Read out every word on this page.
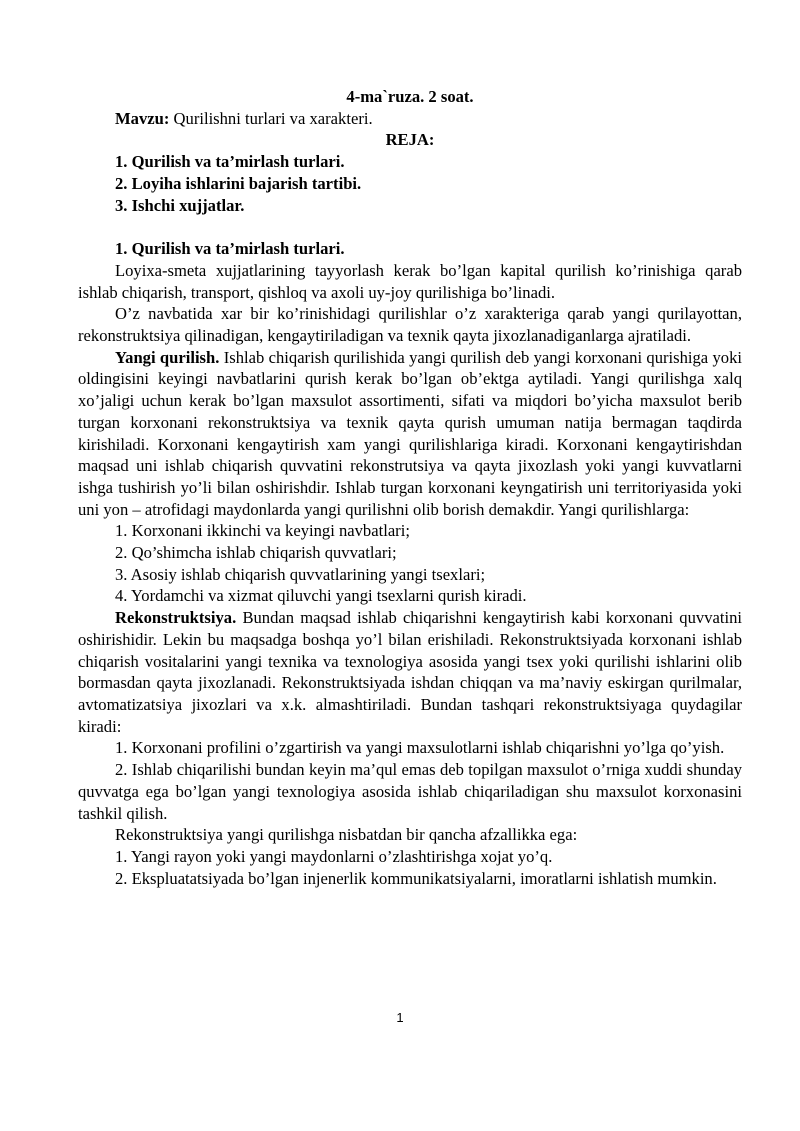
4-ma`ruza. 2 soat.

Mavzu: Qurilishni turlari va xarakteri.

REJA:

1. Qurilish va ta’mirlash turlari.

2. Loyiha ishlarini bajarish tartibi.

3. Ishchi xujjatlar.

1. Qurilish va ta’mirlash turlari.

Loyixa-smeta xujjatlarining tayyorlash kerak bo’lgan kapital qurilish ko’rinishiga qarab ishlab chiqarish, transport, qishloq va axoli uy-joy qurilishiga bo’linadi.

O’z navbatida xar bir ko’rinishidagi qurilishlar o’z xarakteriga qarab yangi qurilayottan, rekonstruktsiya qilinadigan, kengaytiriladigan va texnik qayta jixozlanadiganlarga ajratiladi.

Yangi qurilish. Ishlab chiqarish qurilishida yangi qurilish deb yangi korxonani qurishiga yoki oldingisini keyingi navbatlarini qurish kerak bo’lgan ob’ektga aytiladi. Yangi qurilishga xalq xo’jaligi uchun kerak bo’lgan maxsulot assortimenti, sifati va miqdori bo’yicha maxsulot berib turgan korxonani rekonstruktsiya va texnik qayta qurish umuman natija bermagan taqdirda kirishiladi. Korxonani kengaytirish xam yangi qurilishlariga kiradi. Korxonani kengaytirishdan maqsad uni ishlab chiqarish quvvatini rekonstrutsiya va qayta jixozlash yoki yangi kuvvatlarni ishga tushirish yo’li bilan oshirishdir. Ishlab turgan korxonani keyngatirish uni territoriyasida yoki uni yon – atrofidagi maydonlarda yangi qurilishni olib borish demakdir. Yangi qurilishlarga:

1. Korxonani ikkinchi va keyingi navbatlari;

2. Qo’shimcha ishlab chiqarish quvvatlari;

3. Asosiy ishlab chiqarish quvvatlarining yangi tsexlari;

4. Yordamchi va xizmat qiluvchi yangi tsexlarni qurish kiradi.

Rekonstruktsiya. Bundan maqsad ishlab chiqarishni kengaytirish kabi korxonani quvvatini oshirishidir. Lekin bu maqsadga boshqa yo’l bilan erishiladi. Rekonstruktsiyada korxonani ishlab chiqarish vositalarini yangi texnika va texnologiya asosida yangi tsex yoki qurilishi ishlarini olib bormasdan qayta jixozlanadi. Rekonstruktsiyada ishdan chiqqan va ma’naviy eskirgan qurilmalar, avtomatizatsiya jixozlari va x.k. almashtiriladi. Bundan tashqari rekonstruktsiyaga quydagilar kiradi:

1. Korxonani profilini o’zgartirish va yangi maxsulotlarni ishlab chiqarishni yo’lga qo’yish.

2. Ishlab chiqarilishi bundan keyin ma’qul emas deb topilgan maxsulot o’rniga xuddi shunday quvvatga ega bo’lgan yangi texnologiya asosida ishlab chiqariladigan shu maxsulot korxonasini tashkil qilish.

Rekonstruktsiya yangi qurilishga nisbatdan bir qancha afzallikka ega:

1. Yangi rayon yoki yangi maydonlarni o’zlashtirishga xojat yo’q.

2. Ekspluatatsiyada bo’lgan injenerlik kommunikatsiyalarni, imoratlarni ishlatish mumkin.

1
